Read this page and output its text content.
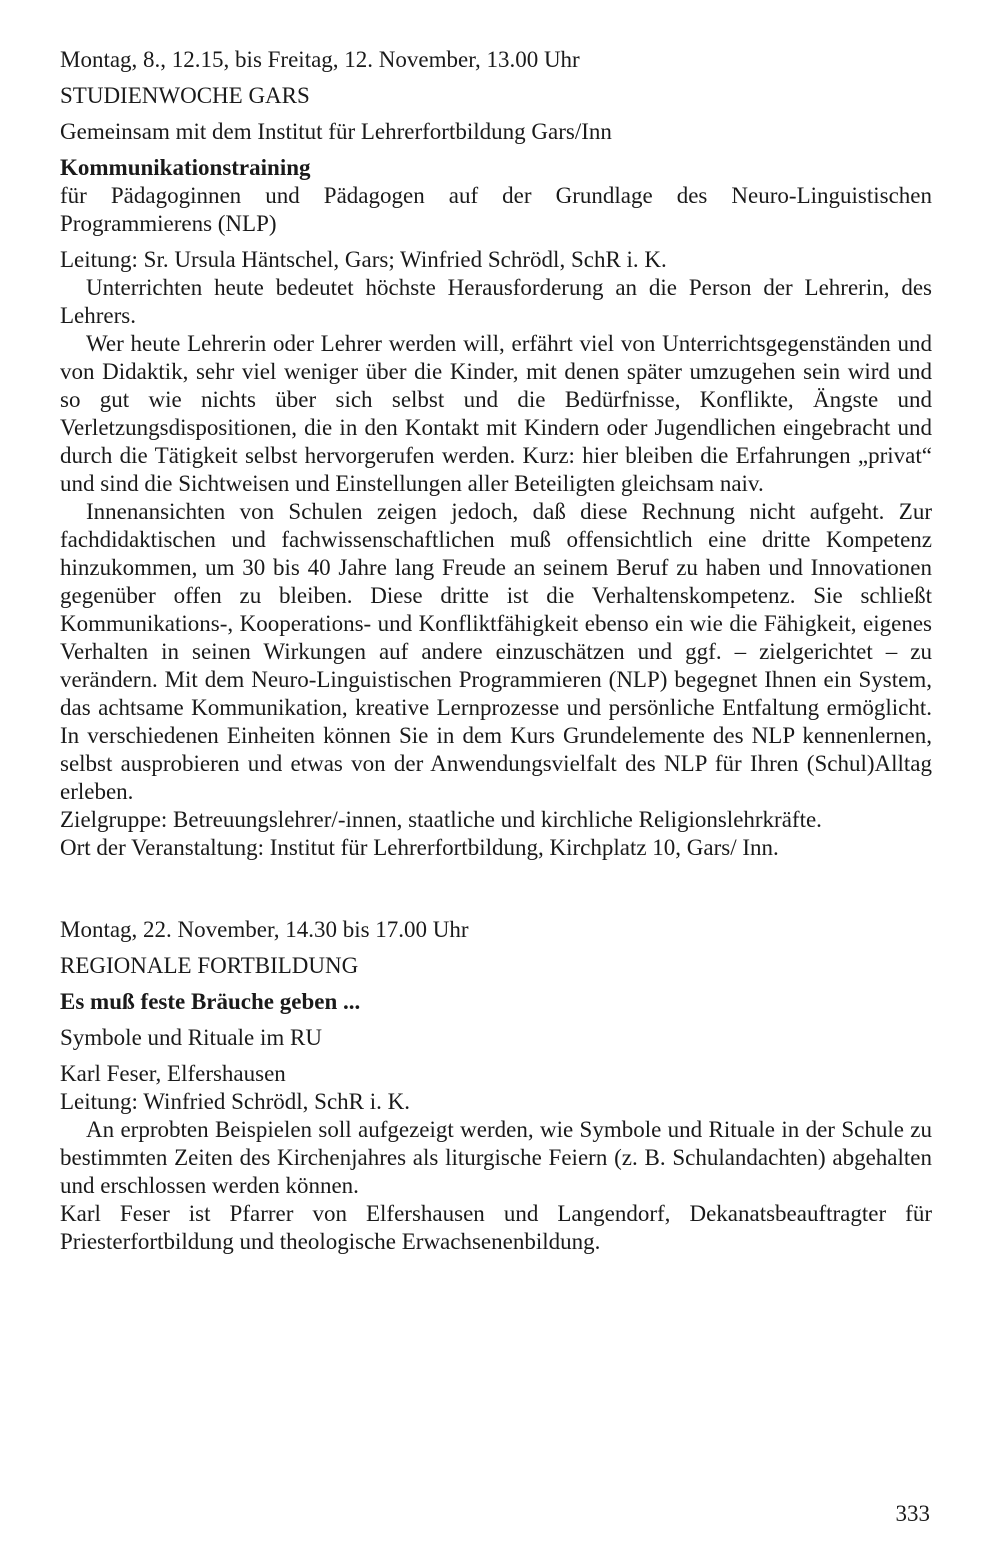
Montag, 8., 12.15, bis Freitag, 12. November, 13.00 Uhr

STUDIENWOCHE GARS

Gemeinsam mit dem Institut für Lehrerfortbildung Gars/Inn

Kommunikationstraining

für Pädagoginnen und Pädagogen auf der Grundlage des Neuro-Linguistischen Programmierens (NLP)

Leitung: Sr. Ursula Häntschel, Gars; Winfried Schrödl, SchR i. K.

Unterrichten heute bedeutet höchste Herausforderung an die Person der Lehrerin, des Lehrers.

Wer heute Lehrerin oder Lehrer werden will, erfährt viel von Unterrichtsgegenständen und von Didaktik, sehr viel weniger über die Kinder, mit denen später umzugehen sein wird und so gut wie nichts über sich selbst und die Bedürfnisse, Konflikte, Ängste und Verletzungsdispositionen, die in den Kontakt mit Kindern oder Jugendlichen eingebracht und durch die Tätigkeit selbst hervorgerufen werden. Kurz: hier bleiben die Erfahrungen „privat“ und sind die Sichtweisen und Einstellungen aller Beteiligten gleichsam naiv.

Innenansichten von Schulen zeigen jedoch, daß diese Rechnung nicht aufgeht. Zur fachdidaktischen und fachwissenschaftlichen muß offensichtlich eine dritte Kompetenz hinzukommen, um 30 bis 40 Jahre lang Freude an seinem Beruf zu haben und Innovationen gegenüber offen zu bleiben. Diese dritte ist die Verhaltenskompetenz. Sie schließt Kommunikations-, Kooperations- und Konfliktfähigkeit ebenso ein wie die Fähigkeit, eigenes Verhalten in seinen Wirkungen auf andere einzuschätzen und ggf. – zielgerichtet – zu verändern. Mit dem Neuro-Linguistischen Programmieren (NLP) begegnet Ihnen ein System, das achtsame Kommunikation, kreative Lernprozesse und persönliche Entfaltung ermöglicht. In verschiedenen Einheiten können Sie in dem Kurs Grundelemente des NLP kennenlernen, selbst ausprobieren und etwas von der Anwendungsvielfalt des NLP für Ihren (Schul)Alltag erleben.

Zielgruppe: Betreuungslehrer/-innen, staatliche und kirchliche Religionslehrkräfte.

Ort der Veranstaltung: Institut für Lehrerfortbildung, Kirchplatz 10, Gars/ Inn.

Montag, 22. November, 14.30 bis 17.00 Uhr

REGIONALE FORTBILDUNG

Es muß feste Bräuche geben ...

Symbole und Rituale im RU

Karl Feser, Elfershausen

Leitung: Winfried Schrödl, SchR i. K.

An erprobten Beispielen soll aufgezeigt werden, wie Symbole und Rituale in der Schule zu bestimmten Zeiten des Kirchenjahres als liturgische Feiern (z. B. Schulandachten) abgehalten und erschlossen werden können.

Karl Feser ist Pfarrer von Elfershausen und Langendorf, Dekanatsbeauftragter für Priesterfortbildung und theologische Erwachsenenbildung.

333
